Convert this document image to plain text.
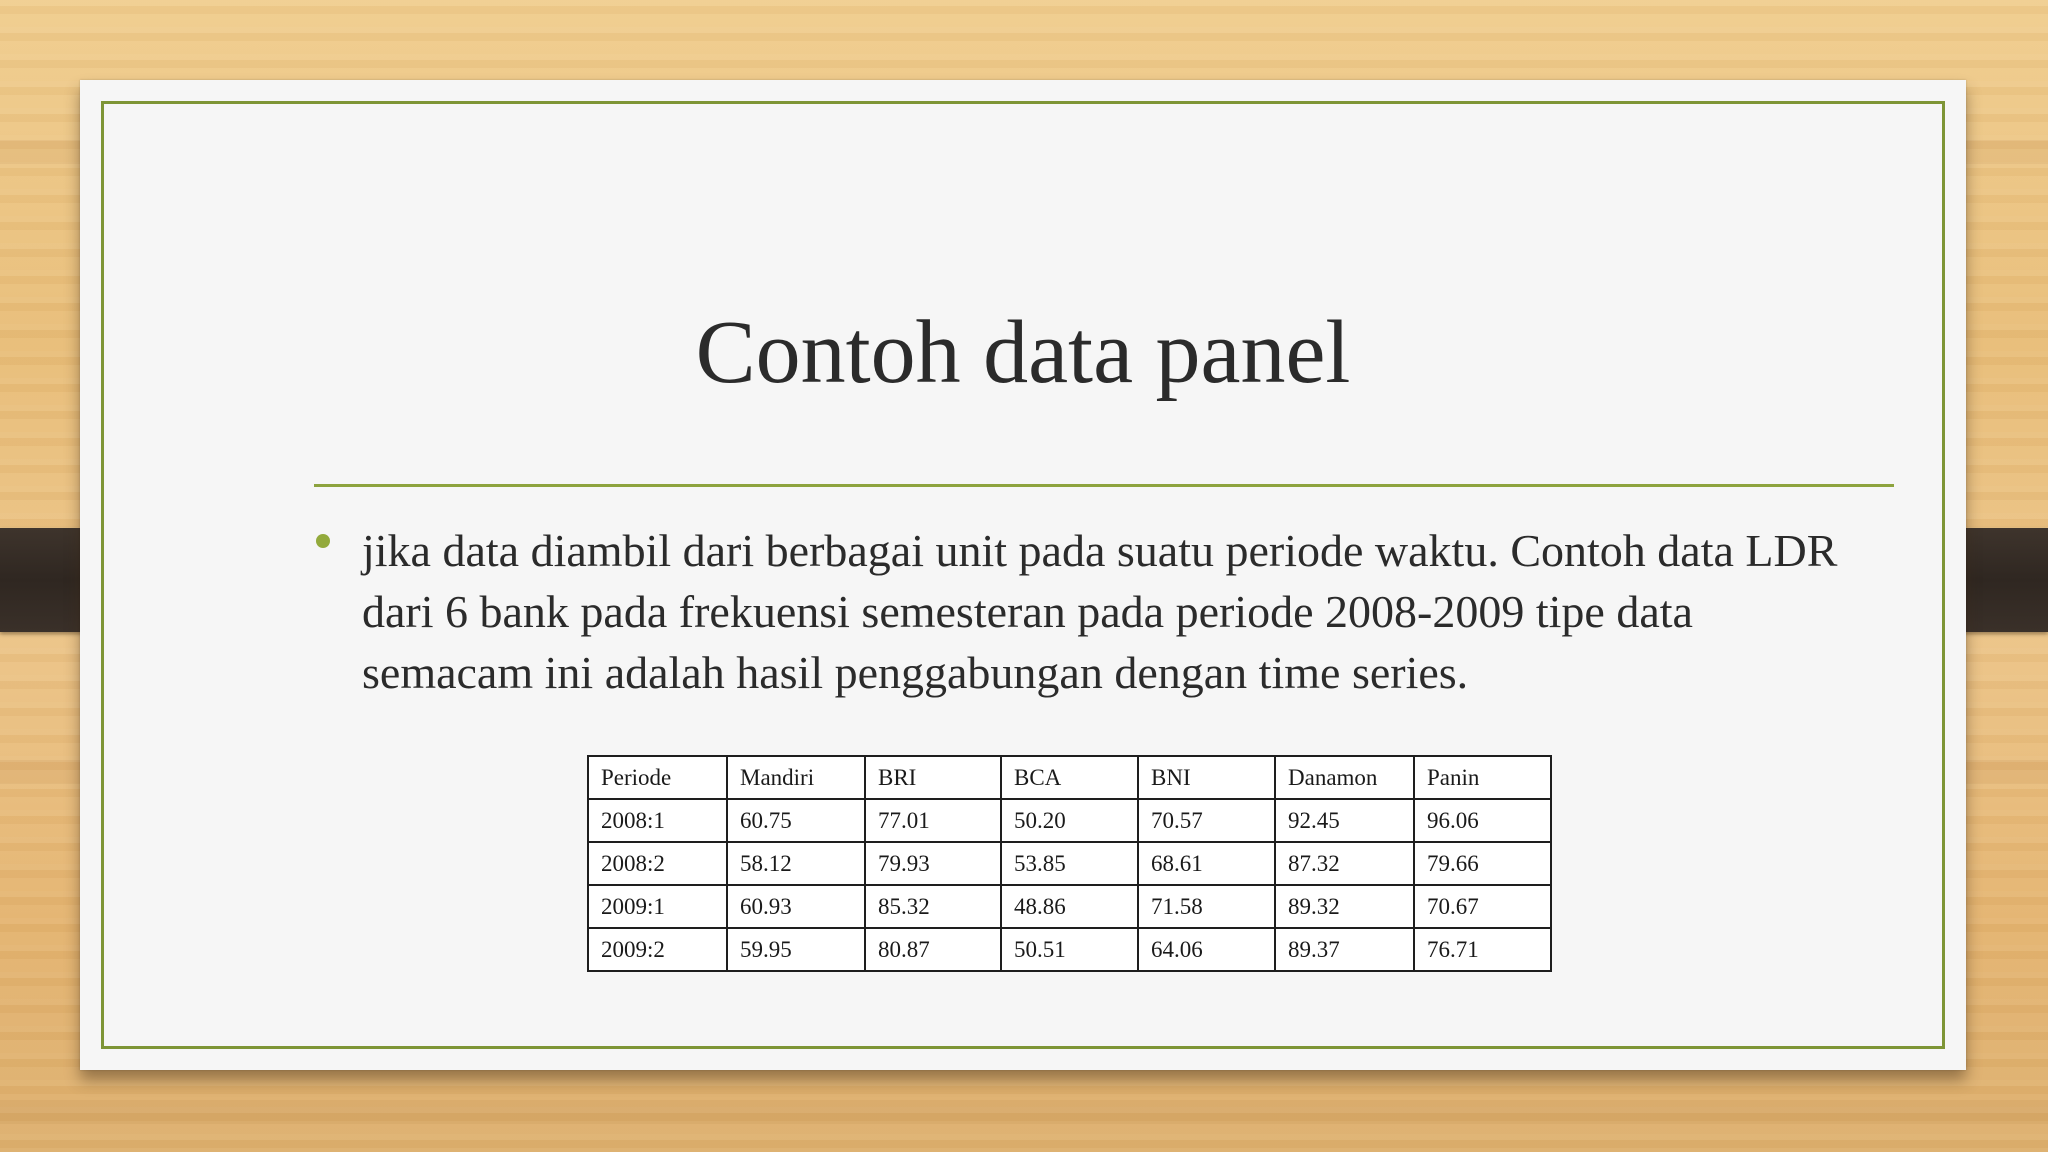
Contoh data panel
jika data diambil dari berbagai unit pada suatu periode waktu. Contoh data LDR dari 6 bank pada frekuensi semesteran pada periode 2008-2009 tipe data semacam ini adalah hasil penggabungan dengan time series.
Periode	Mandiri	BRI	BCA	BNI	Danamon	Panin
2008:1	60.75	77.01	50.20	70.57	92.45	96.06
2008:2	58.12	79.93	53.85	68.61	87.32	79.66
2009:1	60.93	85.32	48.86	71.58	89.32	70.67
2009:2	59.95	80.87	50.51	64.06	89.37	76.71
